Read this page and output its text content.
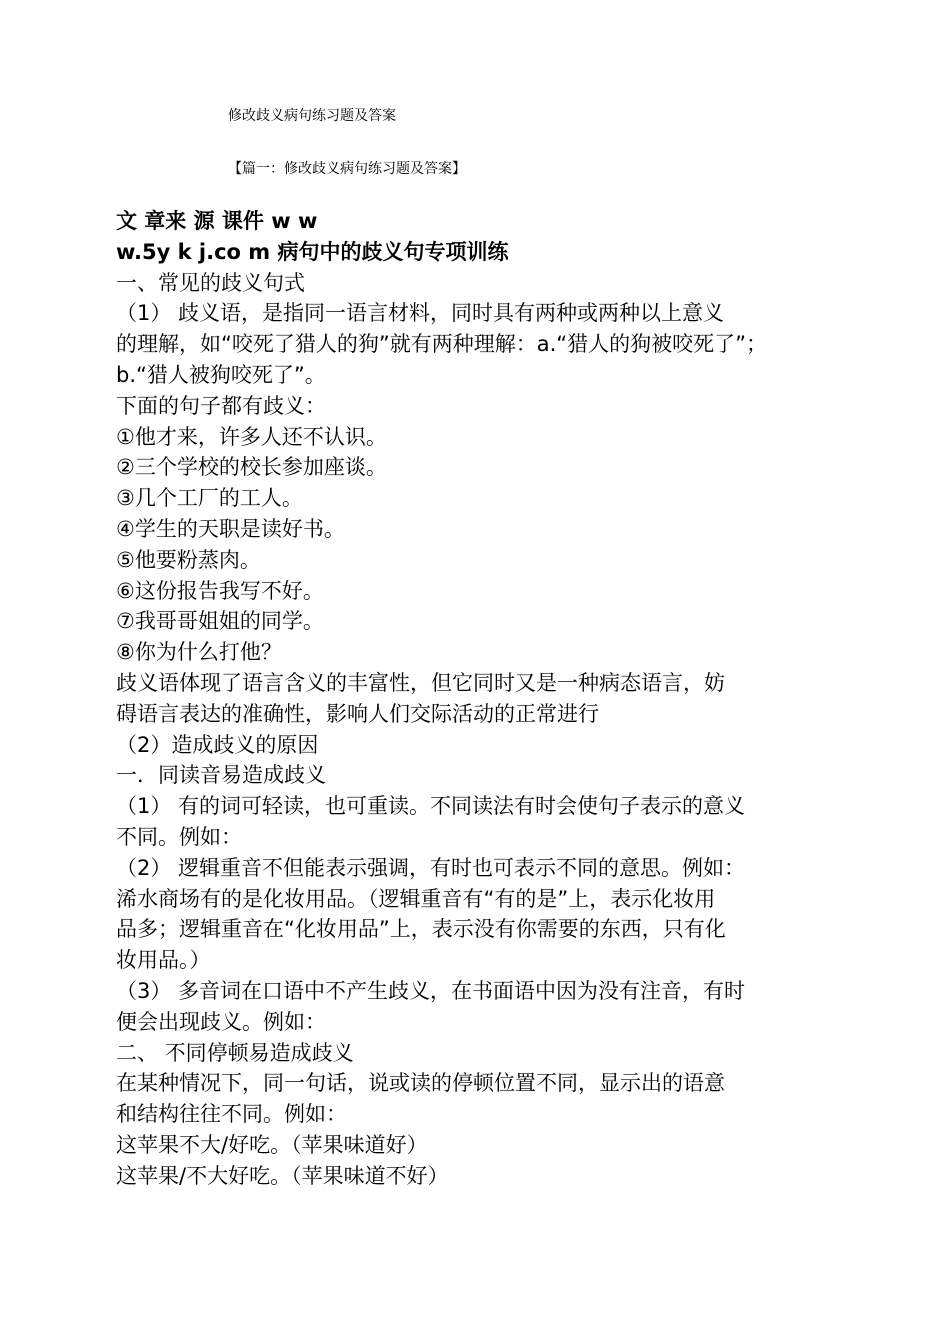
修改歧义病句练习题及答案
【篇一：修改歧义病句练习题及答案】
文 章来 源 课件 w w
w.5y k j.co m 病句中的歧义句专项训练
一、常见的歧义句式
（1） 歧义语，是指同一语言材料，同时具有两种或两种以上意义
的理解，如“咬死了猎人的狗”就有两种理解：a.“猎人的狗被咬死了”；
b.“猎人被狗咬死了”。
下面的句子都有歧义：
①他才来，许多人还不认识。
②三个学校的校长参加座谈。
③几个工厂的工人。
④学生的天职是读好书。
⑤他要粉蒸肉。
⑥这份报告我写不好。
⑦我哥哥姐姐的同学。
⑧你为什么打他？
歧义语体现了语言含义的丰富性，但它同时又是一种病态语言，妨
碍语言表达的准确性，影响人们交际活动的正常进行
（2）造成歧义的原因
一．同读音易造成歧义
（1） 有的词可轻读，也可重读。不同读法有时会使句子表示的意义
不同。例如：
（2） 逻辑重音不但能表示强调，有时也可表示不同的意思。例如：
浠水商场有的是化妆用品。（逻辑重音有“有的是”上，表示化妆用
品多；逻辑重音在“化妆用品”上，表示没有你需要的东西，只有化
妆用品。）
（3） 多音词在口语中不产生歧义，在书面语中因为没有注音，有时
便会出现歧义。例如：
二、 不同停顿易造成歧义
在某种情况下，同一句话，说或读的停顿位置不同，显示出的语意
和结构往往不同。例如：
这苹果不大/好吃。（苹果味道好）
这苹果/不大好吃。（苹果味道不好）
